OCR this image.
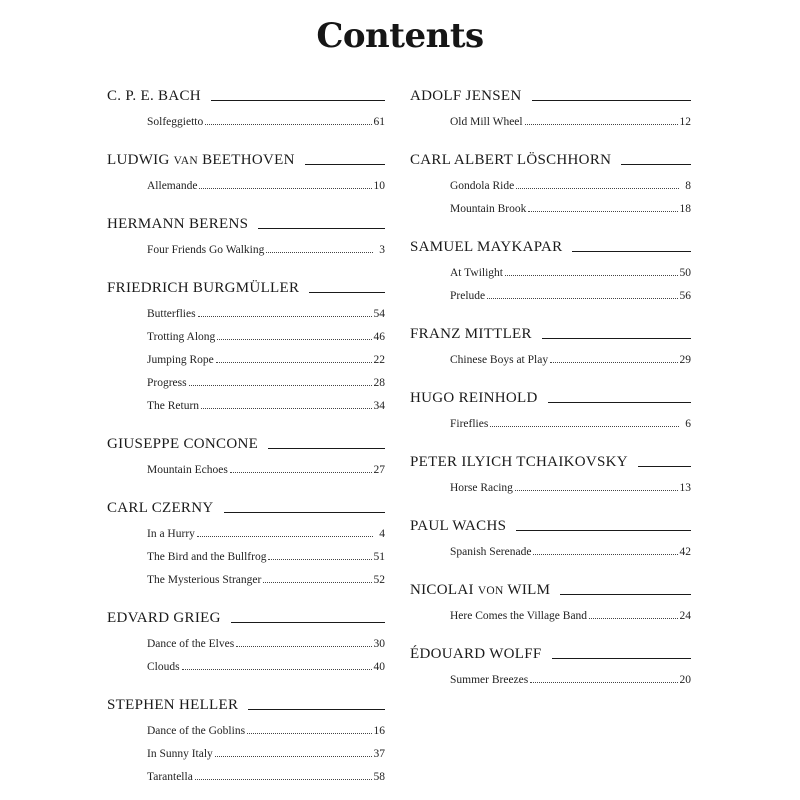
Contents
C. P. E. BACH
Solfeggietto	61
LUDWIG VAN BEETHOVEN
Allemande	10
HERMANN BERENS
Four Friends Go Walking	3
FRIEDRICH BURGMÜLLER
Butterflies	54
Trotting Along	46
Jumping Rope	22
Progress	28
The Return	34
GIUSEPPE CONCONE
Mountain Echoes	27
CARL CZERNY
In a Hurry	4
The Bird and the Bullfrog	51
The Mysterious Stranger	52
EDVARD GRIEG
Dance of the Elves	30
Clouds	40
STEPHEN HELLER
Dance of the Goblins	16
In Sunny Italy	37
Tarantella	58
ADOLF JENSEN
Old Mill Wheel	12
CARL ALBERT LÖSCHHORN
Gondola Ride	8
Mountain Brook	18
SAMUEL MAYKAPAR
At Twilight	50
Prelude	56
FRANZ MITTLER
Chinese Boys at Play	29
HUGO REINHOLD
Fireflies	6
PETER ILYICH TCHAIKOVSKY
Horse Racing	13
PAUL WACHS
Spanish Serenade	42
NICOLAI VON WILM
Here Comes the Village Band	24
ÉDOUARD WOLFF
Summer Breezes	20
